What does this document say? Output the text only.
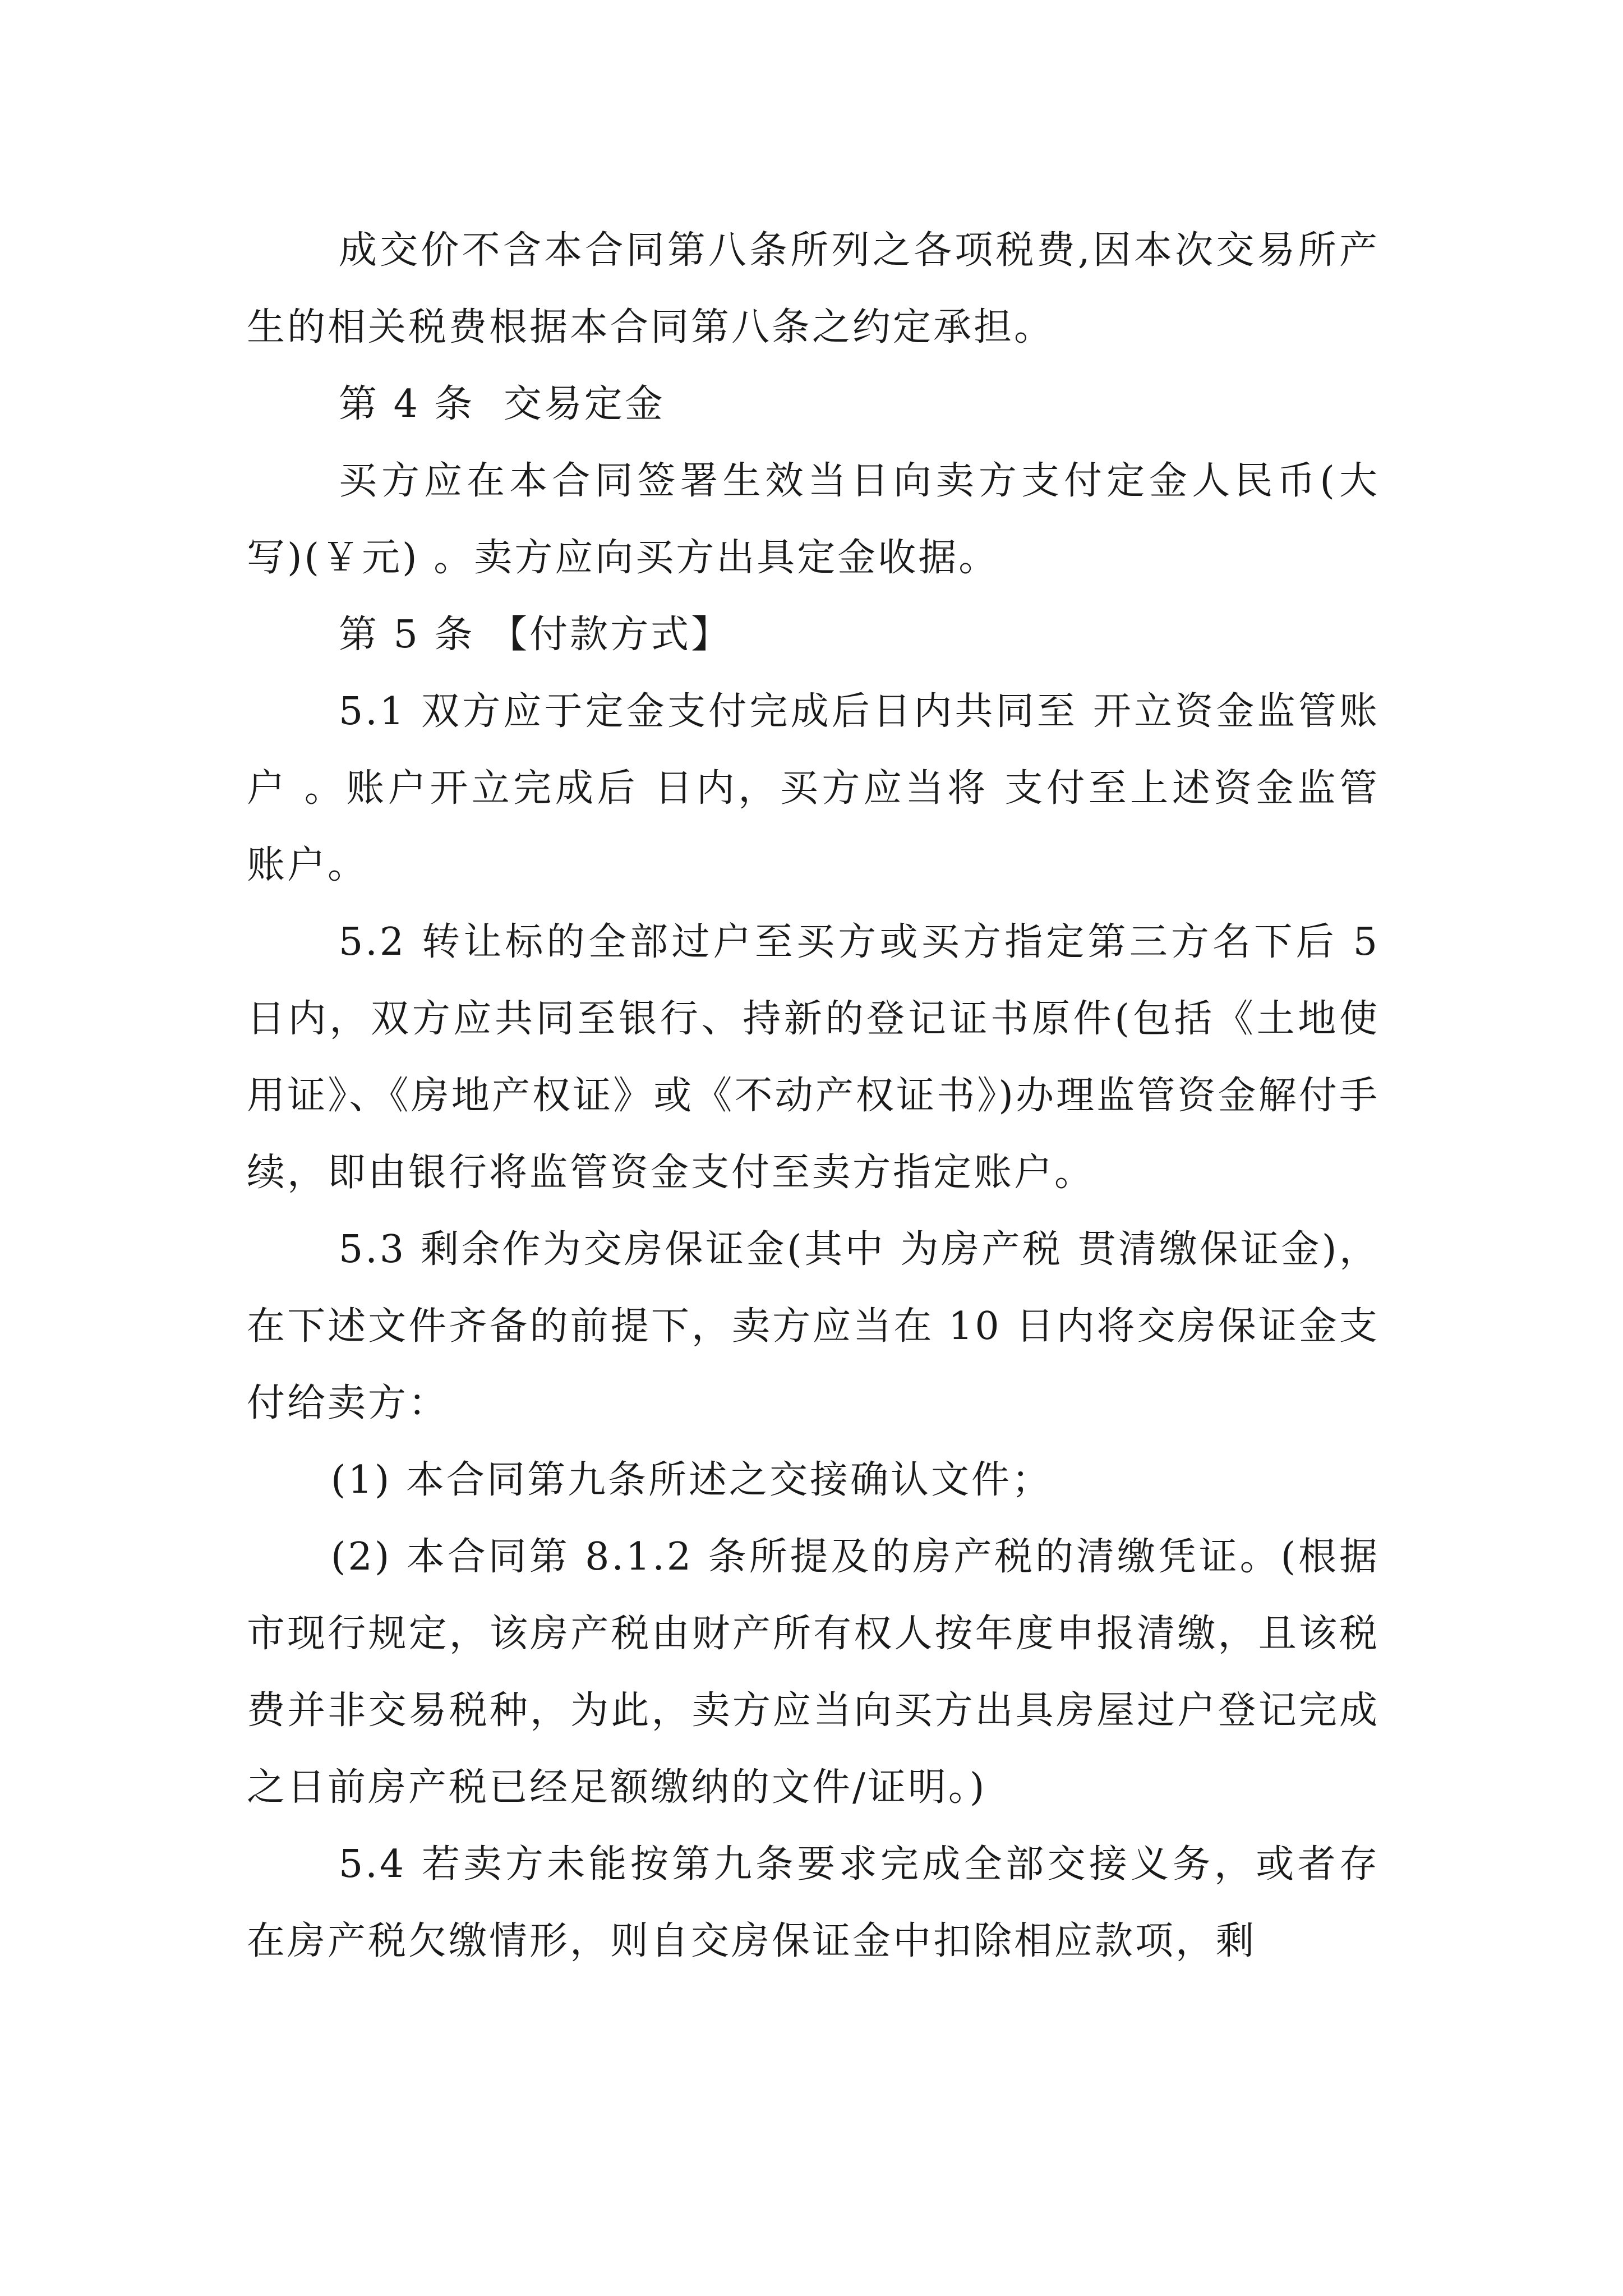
成交价不含本合同第八条所列之各项税费,因本次交易所产生的相关税费根据本合同第八条之约定承担。

第 4 条  交易定金

买方应在本合同签署生效当日向卖方支付定金人民币(大写)(￥元) 。卖方应向买方出具定金收据。

第 5 条 【付款方式】

5.1 双方应于定金支付完成后日内共同至 开立资金监管账户 。账户开立完成后 日内，买方应当将 支付至上述资金监管账户。

5.2 转让标的全部过户至买方或买方指定第三方名下后 5 日内，双方应共同至银行、持新的登记证书原件(包括《土地使用证》、《房地产权证》或《不动产权证书》)办理监管资金解付手续，即由银行将监管资金支付至卖方指定账户。

5.3 剩余作为交房保证金(其中 为房产税 贯清缴保证金)，在下述文件齐备的前提下，卖方应当在 10 日内将交房保证金支付给卖方：

(1) 本合同第九条所述之交接确认文件；

(2) 本合同第 8.1.2 条所提及的房产税的清缴凭证。(根据 市现行规定，该房产税由财产所有权人按年度申报清缴，且该税费并非交易税种，为此，卖方应当向买方出具房屋过户登记完成之日前房产税已经足额缴纳的文件/证明。)

5.4 若卖方未能按第九条要求完成全部交接义务，或者存在房产税欠缴情形，则自交房保证金中扣除相应款项，剩
